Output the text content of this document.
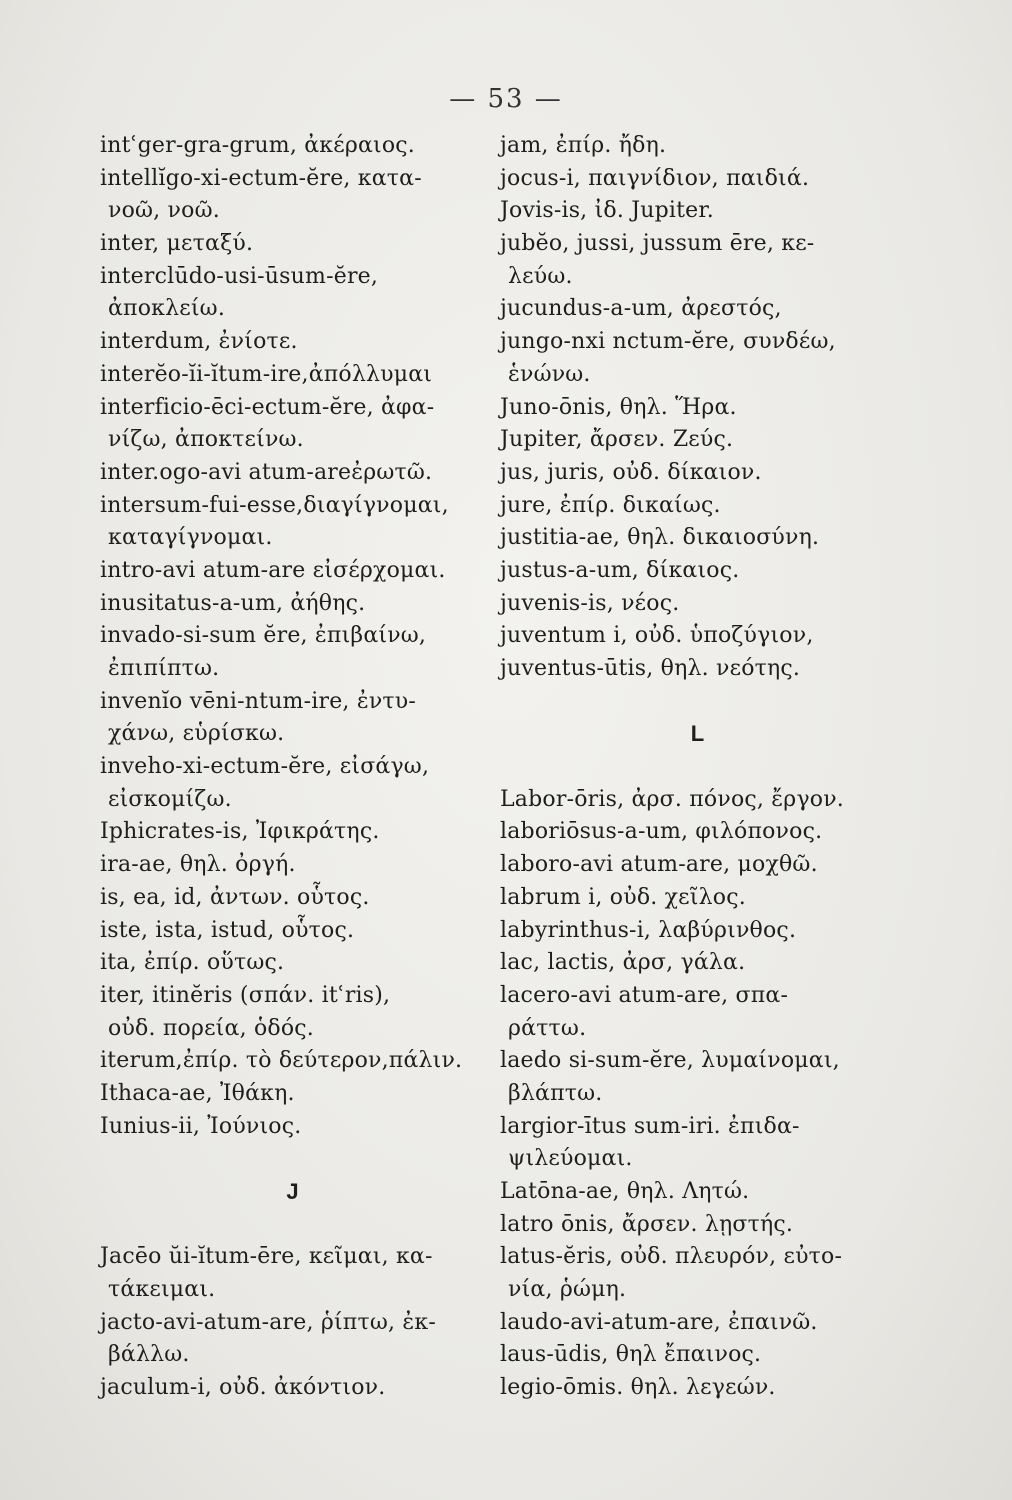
— 53 —
intʿger-gra-grum, ἀκέραιος.
intellĭgo-xi-ectum-ĕre, κατα-
νοῶ, νοῶ.
inter, μεταξύ.
interclūdo-usi-ūsum-ĕre,
ἀποκλείω.
interdum, ἐνίοτε.
interĕo-ĭi-ĭtum-ire,ἀπόλλυμαι
interficio-ēci-ectum-ĕre, ἀφα-
νίζω, ἀποκτείνω.
inter.ogo-avi atum-areἐρωτῶ.
intersum-fui-esse,διαγίγνομαι,
καταγίγνομαι.
intro-avi atum-are εἰσέρχομαι.
inusitatus-a-um, ἀήθης.
invado-si-sum ĕre, ἐπιβαίνω,
ἐπιπίπτω.
invenĭo vēni-ntum-ire, ἐντυ-
χάνω, εὑρίσκω.
inveho-xi-ectum-ĕre, εἰσάγω,
εἰσκομίζω.
Iphicrates-is, Ἰφικράτης.
ira-ae, θηλ. ὀργή.
is, ea, id, ἀντων. οὗτος.
iste, ista, istud, οὗτος.
ita, ἐπίρ. οὕτως.
iter, itinĕris (σπάν. itʿris),
οὐδ. πορεία, ὁδός.
iterum,ἐπίρ. τὸ δεύτερον,πάλιν.
Ithaca-ae, Ἰθάκη.
Iunius-ii, Ἰούνιος.
J
Jacēo ŭi-ĭtum-ēre, κεῖμαι, κα-
τάκειμαι.
jacto-avi-atum-are, ῥίπτω, ἐκ-
βάλλω.
jaculum-i, οὐδ. ἀκόντιον.
jam, ἐπίρ. ἤδη.
jocus-i, παιγνίδιον, παιδιά.
Jovis-is, ἰδ. Jupiter.
jubĕo, jussi, jussum ēre, κε-
λεύω.
jucundus-a-um, ἀρεστός,
jungo-nxi nctum-ĕre, συνδέω,
ἑνώνω.
Juno-ōnis, θηλ. Ἥρα.
Jupiter, ἄρσεν. Ζεύς.
jus, juris, οὐδ. δίκαιον.
jure, ἐπίρ. δικαίως.
justitia-ae, θηλ. δικαιοσύνη.
justus-a-um, δίκαιος.
juvenis-is, νέος.
juventum i, οὐδ. ὑποζύγιον,
juventus-ūtis, θηλ. νεότης.
L
Labor-ōris, ἀρσ. πόνος, ἔργον.
laboriōsus-a-um, φιλόπονος.
laboro-avi atum-are, μοχθῶ.
labrum i, οὐδ. χεῖλος.
labyrinthus-i, λαβύρινθος.
lac, lactis, ἀρσ, γάλα.
lacero-avi atum-are, σπα-
ράττω.
laedo si-sum-ĕre, λυμαίνομαι,
βλάπτω.
largior-ītus sum-iri. ἐπιδα-
ψιλεύομαι.
Latōna-ae, θηλ. Λητώ.
latro ōnis, ἄρσεν. λῃστής.
latus-ĕris, οὐδ. πλευρόν, εὐτο-
νία, ῥώμη.
laudo-avi-atum-are, ἐπαινῶ.
laus-ūdis, θηλ ἔπαινος.
legio-ōmis. θηλ. λεγεών.
